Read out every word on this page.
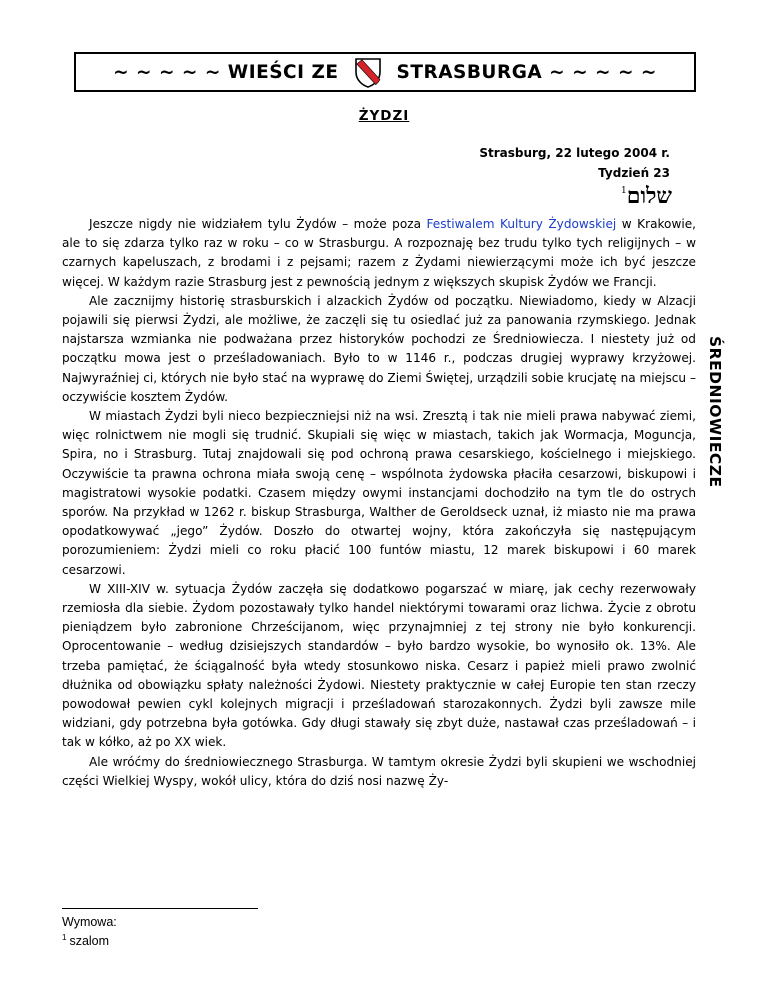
~ ~ ~ ~ ~ WIEŚCI ZE	STRASBURGA ~ ~ ~ ~ ~
ŻYDZI
Strasburg, 22 lutego 2004 r.
Tydzień 23
שלום$^1$
ŚREDNIOWIECZE

Jeszcze nigdy nie widziałem tylu Żydów – może poza Festiwalem Kultury Żydowskiej w Krakowie, ale to się zdarza tylko raz w roku – co w Strasburgu. A rozpoznaję bez trudu tylko tych religijnych – w czarnych kapeluszach, z brodami i z pejsami; razem z Żydami niewierzącymi może ich być jeszcze więcej. W każdym razie Strasburg jest z pewnością jednym z większych skupisk Żydów we Francji.

Ale zacznijmy historię strasburskich i alzackich Żydów od początku. Niewiadomo, kiedy w Alzacji pojawili się pierwsi Żydzi, ale możliwe, że zaczęli się tu osiedlać już za panowania rzymskiego. Jednak najstarsza wzmianka nie podważana przez historyków pochodzi ze Średniowiecza. I niestety już od początku mowa jest o prześladowaniach. Było to w 1146 r., podczas drugiej wyprawy krzyżowej. Najwyraźniej ci, których nie było stać na wyprawę do Ziemi Świętej, urządzili sobie krucjatę na miejscu – oczywiście kosztem Żydów.

W miastach Żydzi byli nieco bezpieczniejsi niż na wsi. Zresztą i tak nie mieli prawa nabywać ziemi, więc rolnictwem nie mogli się trudnić. Skupiali się więc w miastach, takich jak Wormacja, Moguncja, Spira, no i Strasburg. Tutaj znajdowali się pod ochroną prawa cesarskiego, kościelnego i miejskiego. Oczywiście ta prawna ochrona miała swoją cenę – wspólnota żydowska płaciła cesarzowi, biskupowi i magistratowi wysokie podatki. Czasem między owymi instancjami dochodziło na tym tle do ostrych sporów. Na przykład w 1262 r. biskup Strasburga, Walther de Geroldseck uznał, iż miasto nie ma prawa opodatkowywać „jego” Żydów. Doszło do otwartej wojny, która zakończyła się następującym porozumieniem: Żydzi mieli co roku płacić 100 funtów miastu, 12 marek biskupowi i 60 marek cesarzowi.

W XIII-XIV w. sytuacja Żydów zaczęła się dodatkowo pogarszać w miarę, jak cechy rezerwowały rzemiosła dla siebie. Żydom pozostawały tylko handel niektórymi towarami oraz lichwa. Życie z obrotu pieniądzem było zabronione Chrześcijanom, więc przynajmniej z tej strony nie było konkurencji. Oprocentowanie – według dzisiejszych standardów – było bardzo wysokie, bo wynosiło ok. 13%. Ale trzeba pamiętać, że ściągalność była wtedy stosunkowo niska. Cesarz i papież mieli prawo zwolnić dłużnika od obowiązku spłaty należności Żydowi. Niestety praktycznie w całej Europie ten stan rzeczy powodował pewien cykl kolejnych migracji i prześladowań starozakonnych. Żydzi byli zawsze mile widziani, gdy potrzebna była gotówka. Gdy długi stawały się zbyt duże, nastawał czas prześladowań – i tak w kółko, aż po XX wiek.

Ale wróćmy do średniowiecznego Strasburga. W tamtym okresie Żydzi byli skupieni we wschodniej części Wielkiej Wyspy, wokół ulicy, która do dziś nosi nazwę Ży-

Wymowa:
$^1$ szalom
